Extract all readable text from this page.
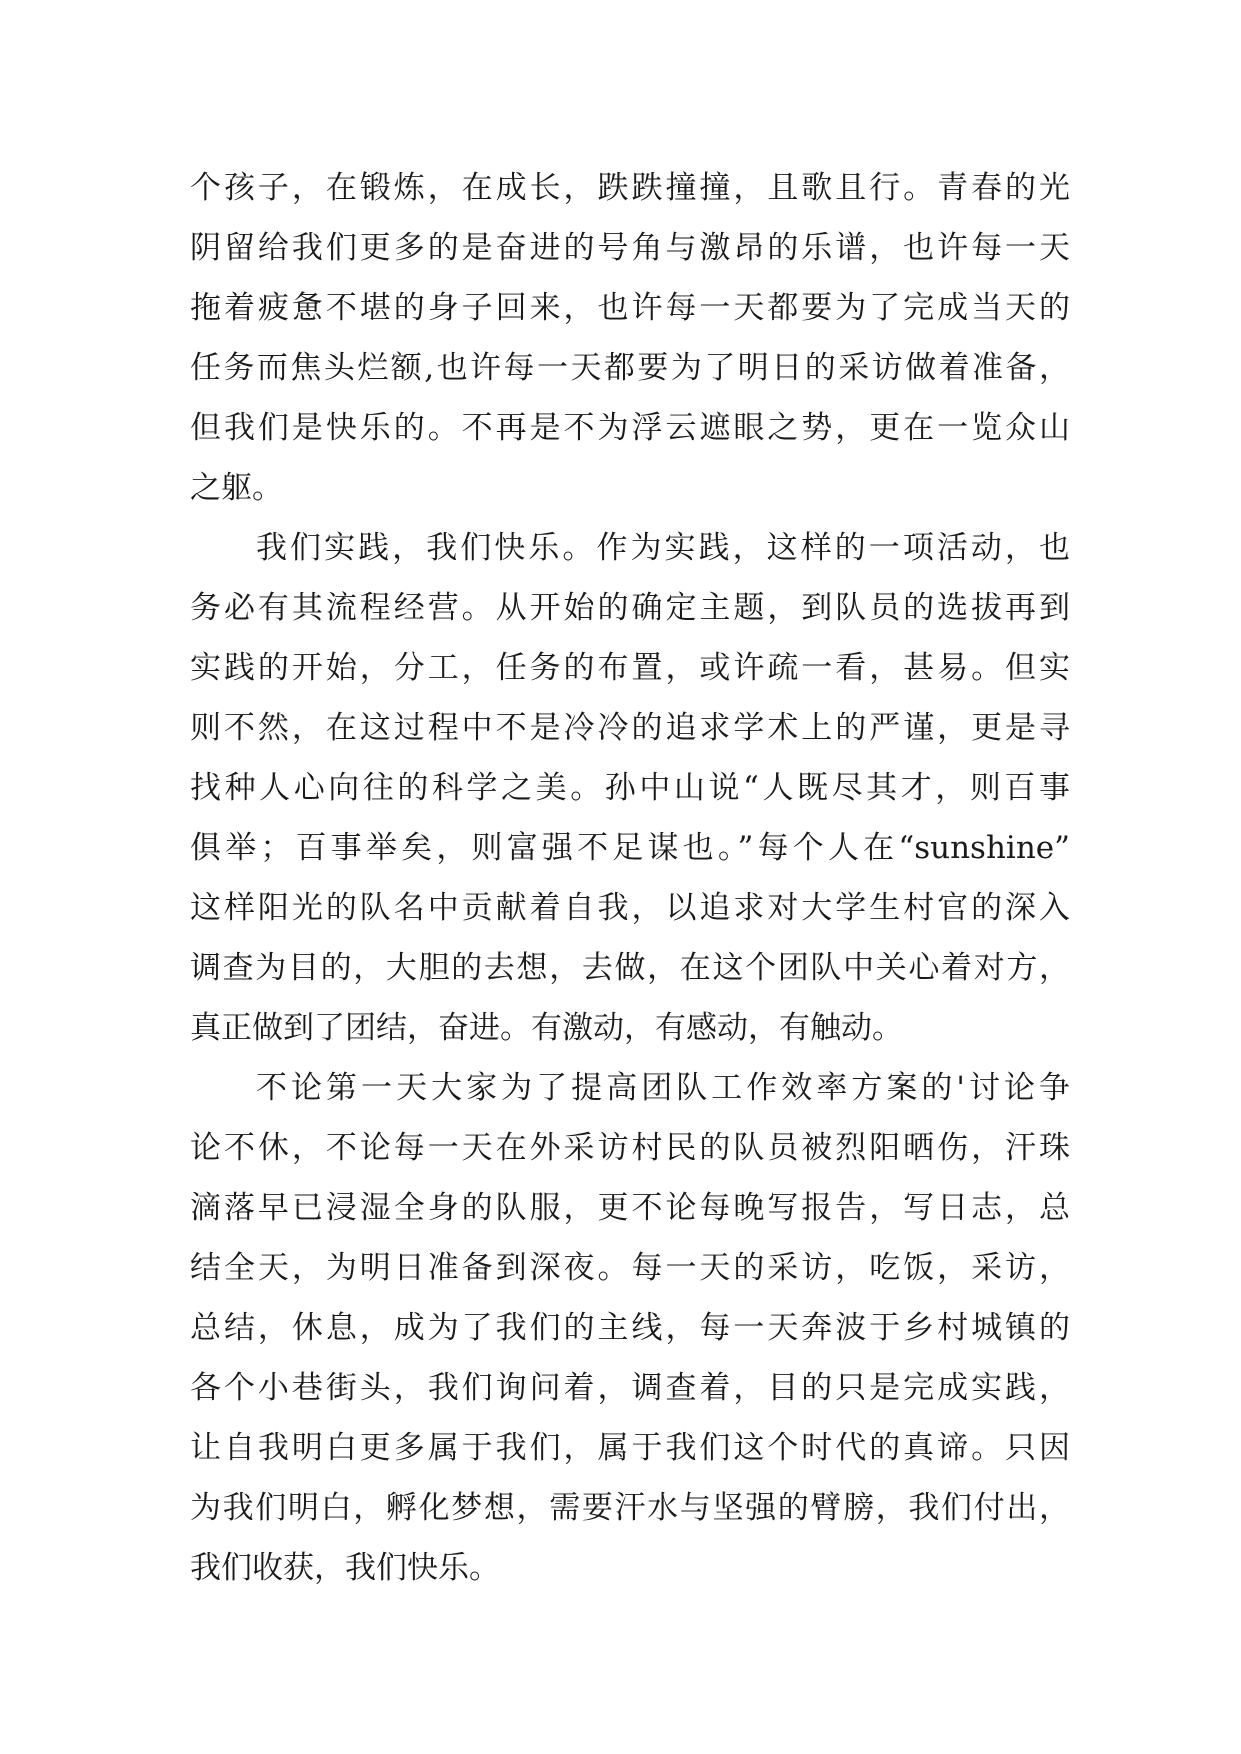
个孩子，在锻炼，在成长，跌跌撞撞，且歌且行。青春的光
阴留给我们更多的是奋进的号角与激昂的乐谱，也许每一天
拖着疲惫不堪的身子回来，也许每一天都要为了完成当天的
任务而焦头烂额,也许每一天都要为了明日的采访做着准备，
但我们是快乐的。不再是不为浮云遮眼之势，更在一览众山
之躯。
我们实践，我们快乐。作为实践，这样的一项活动，也
务必有其流程经营。从开始的确定主题，到队员的选拔再到
实践的开始，分工，任务的布置，或许疏一看，甚易。但实
则不然，在这过程中不是冷冷的追求学术上的严谨，更是寻
找种人心向往的科学之美。孙中山说“人既尽其才，则百事
俱举；百事举矣，则富强不足谋也。”每个人在“sunshine”
这样阳光的队名中贡献着自我，以追求对大学生村官的深入
调查为目的，大胆的去想，去做，在这个团队中关心着对方，
真正做到了团结，奋进。有激动，有感动，有触动。
不论第一天大家为了提高团队工作效率方案的'讨论争
论不休，不论每一天在外采访村民的队员被烈阳晒伤，汗珠
滴落早已浸湿全身的队服，更不论每晚写报告，写日志，总
结全天，为明日准备到深夜。每一天的采访，吃饭，采访，
总结，休息，成为了我们的主线，每一天奔波于乡村城镇的
各个小巷街头，我们询问着，调查着，目的只是完成实践，
让自我明白更多属于我们，属于我们这个时代的真谛。只因
为我们明白，孵化梦想，需要汗水与坚强的臂膀，我们付出，
我们收获，我们快乐。
